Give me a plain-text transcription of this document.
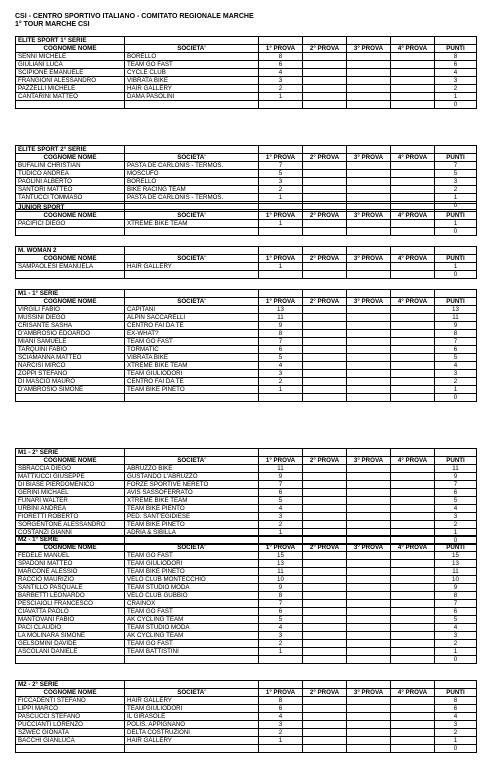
CSI - CENTRO SPORTIVO ITALIANO - COMITATO REGIONALE MARCHE
1° TOUR MARCHE CSI
ELITE SPORT 1° SERIE						
COGNOME NOME	SOCIETA'	1° PROVA	2° PROVA	3° PROVA	4° PROVA	PUNTI
SENNI MICHELE	BORELLO	8				8
GIULIANI LUCA	TEAM GO FAST	6				6
SCIPIONE EMANUELE	CYCLE CLUB	4				4
FRANGIONI ALESSANDRO	VIBRATA BIKE	3				3
PAZZELLI MICHELE	HAIR GALLERY	2				2
CANTARINI MATTEO	DAMA PASOLINI	1				1
						0
ELITE SPORT 2° SERIE						
COGNOME NOME	SOCIETA'	1° PROVA	2° PROVA	3° PROVA	4° PROVA	PUNTI
BUFALINI CHRISTIAN	PASTA DE CARLONIS - TERMOS.	7				7
TUDICO ANDREA	MOSCUFO	5				5
PAOLINI ALBERTO	BORELLO	3				3
SANTORI MATTEO	BIKE RACING TEAM	2				2
TANTUCCI TOMMASO	PASTA DE CARLONIS - TERMOS.	1				1
						0
JUNIOR SPORT						
COGNOME NOME	SOCIETA'	1° PROVA	2° PROVA	3° PROVA	4° PROVA	PUNTI
PACIFICI DIEGO	XTREME BIKE TEAM	1				1
						0
M. WOMAN 2						
COGNOME NOME	SOCIETA'	1° PROVA	2° PROVA	3° PROVA	4° PROVA	PUNTI
SAMPAOLESI EMANUELA	HAIR GALLERY	1				1
						0
M1 - 1° SERIE						
COGNOME NOME	SOCIETA'	1° PROVA	2° PROVA	3° PROVA	4° PROVA	PUNTI
VIRGILI FABIO	CAPITANI	13				13
MUSSINI DIEGO	ALPIN SACCARELLI	11				11
CRISANTE SASHA	CENTRO FAI DA TE	9				9
D'AMBROSIO EDOARDO	EX-WHAT?	8				8
MIANI SAMUELE	TEAM GO FAST	7				7
TARQUINI FABIO	TORMATIC	6				6
SCIAMANNA MATTEO	VIBRATA BIKE	5				5
NARCISI MIRCO	XTREME BIKE TEAM	4				4
ZOPPI STEFANO	TEAM GIULIODORI	3				3
DI MASCIO MAURO	CENTRO FAI DA TE	2				2
D'AMBROSIO SIMONE	TEAM BIKE PINETO	1				1
						0
M1 - 2° SERIE						
COGNOME NOME	SOCIETA'	1° PROVA	2° PROVA	3° PROVA	4° PROVA	PUNTI
SBRACCIA DIEGO	ABRUZZO BIKE	11				11
MATTIUCCI GIUSEPPE	GUSTANDO L'ABRUZZO	9				9
DI BIASE PIERDOMENICO	FORZE SPORTIVE NERETO	7				7
GERINI MICHAEL	AVIS SASSOFERRATO	6				6
FUNARI WALTER	XTREME BIKE TEAM	5				5
URBINI ANDREA	TEAM BIKE PIENTO	4				4
FIORETTI ROBERTO	PED. SANT'EGIDIESE	3				3
SORGENTONE ALESSANDRO	TEAM BIKE PINETO	2				2
COSTANZI GIANNI	ADRIA & SIBILLA	1				1
						0
M2 - 1° SERIE						
COGNOME NOME	SOCIETA'	1° PROVA	2° PROVA	3° PROVA	4° PROVA	PUNTI
FEDELE MANUEL	TEAM GO FAST	15				15
SPADONI MATTEO	TEAM GIULIODORI	13				13
MARCONE ALESSIO	TEAM BIKE PINETO	11				11
RACCIO MAURIZIO	VELO CLUB MONTECCHIO	10				10
SANTILLO PASQUALE	TEAM STUDIO MODA	9				9
BARBETTI LEONARDO	VELO CLUB GUBBIO	8				8
PESCIAIOLI FRANCESCO	CRAINOX	7				7
CIAVATTA PAOLO	TEAM GO FAST	6				6
MANTOVANI FABIO	AK CYCLING TEAM	5				5
PACI CLAUDIO	TEAM STUDIO MODA	4				4
LA MOLINARA SIMONE	AK CYCLING TEAM	3				3
GELSOMINI DAVIDE	TEAM GO FAST	2				2
ASCOLANI DANIELE	TEAM BATTISTINI	1				1
						0
M2 - 2° SERIE						
COGNOME NOME	SOCIETA'	1° PROVA	2° PROVA	3° PROVA	4° PROVA	PUNTI
FICCADENTI STEFANO	HAIR GALLERY	8				8
LIPPI MARCO	TEAM GIULIODORI	6				6
PASCUCCI STEFANO	IL GIRASOLE	4				4
PUCCIANTI LORENZO	POLIS. APPIGNANO	3				3
SZWEC GIONATA	DELTA COSTRUZIONI	2				2
BACCHI GIANLUCA	HAIR GALLERY	1				1
						0
